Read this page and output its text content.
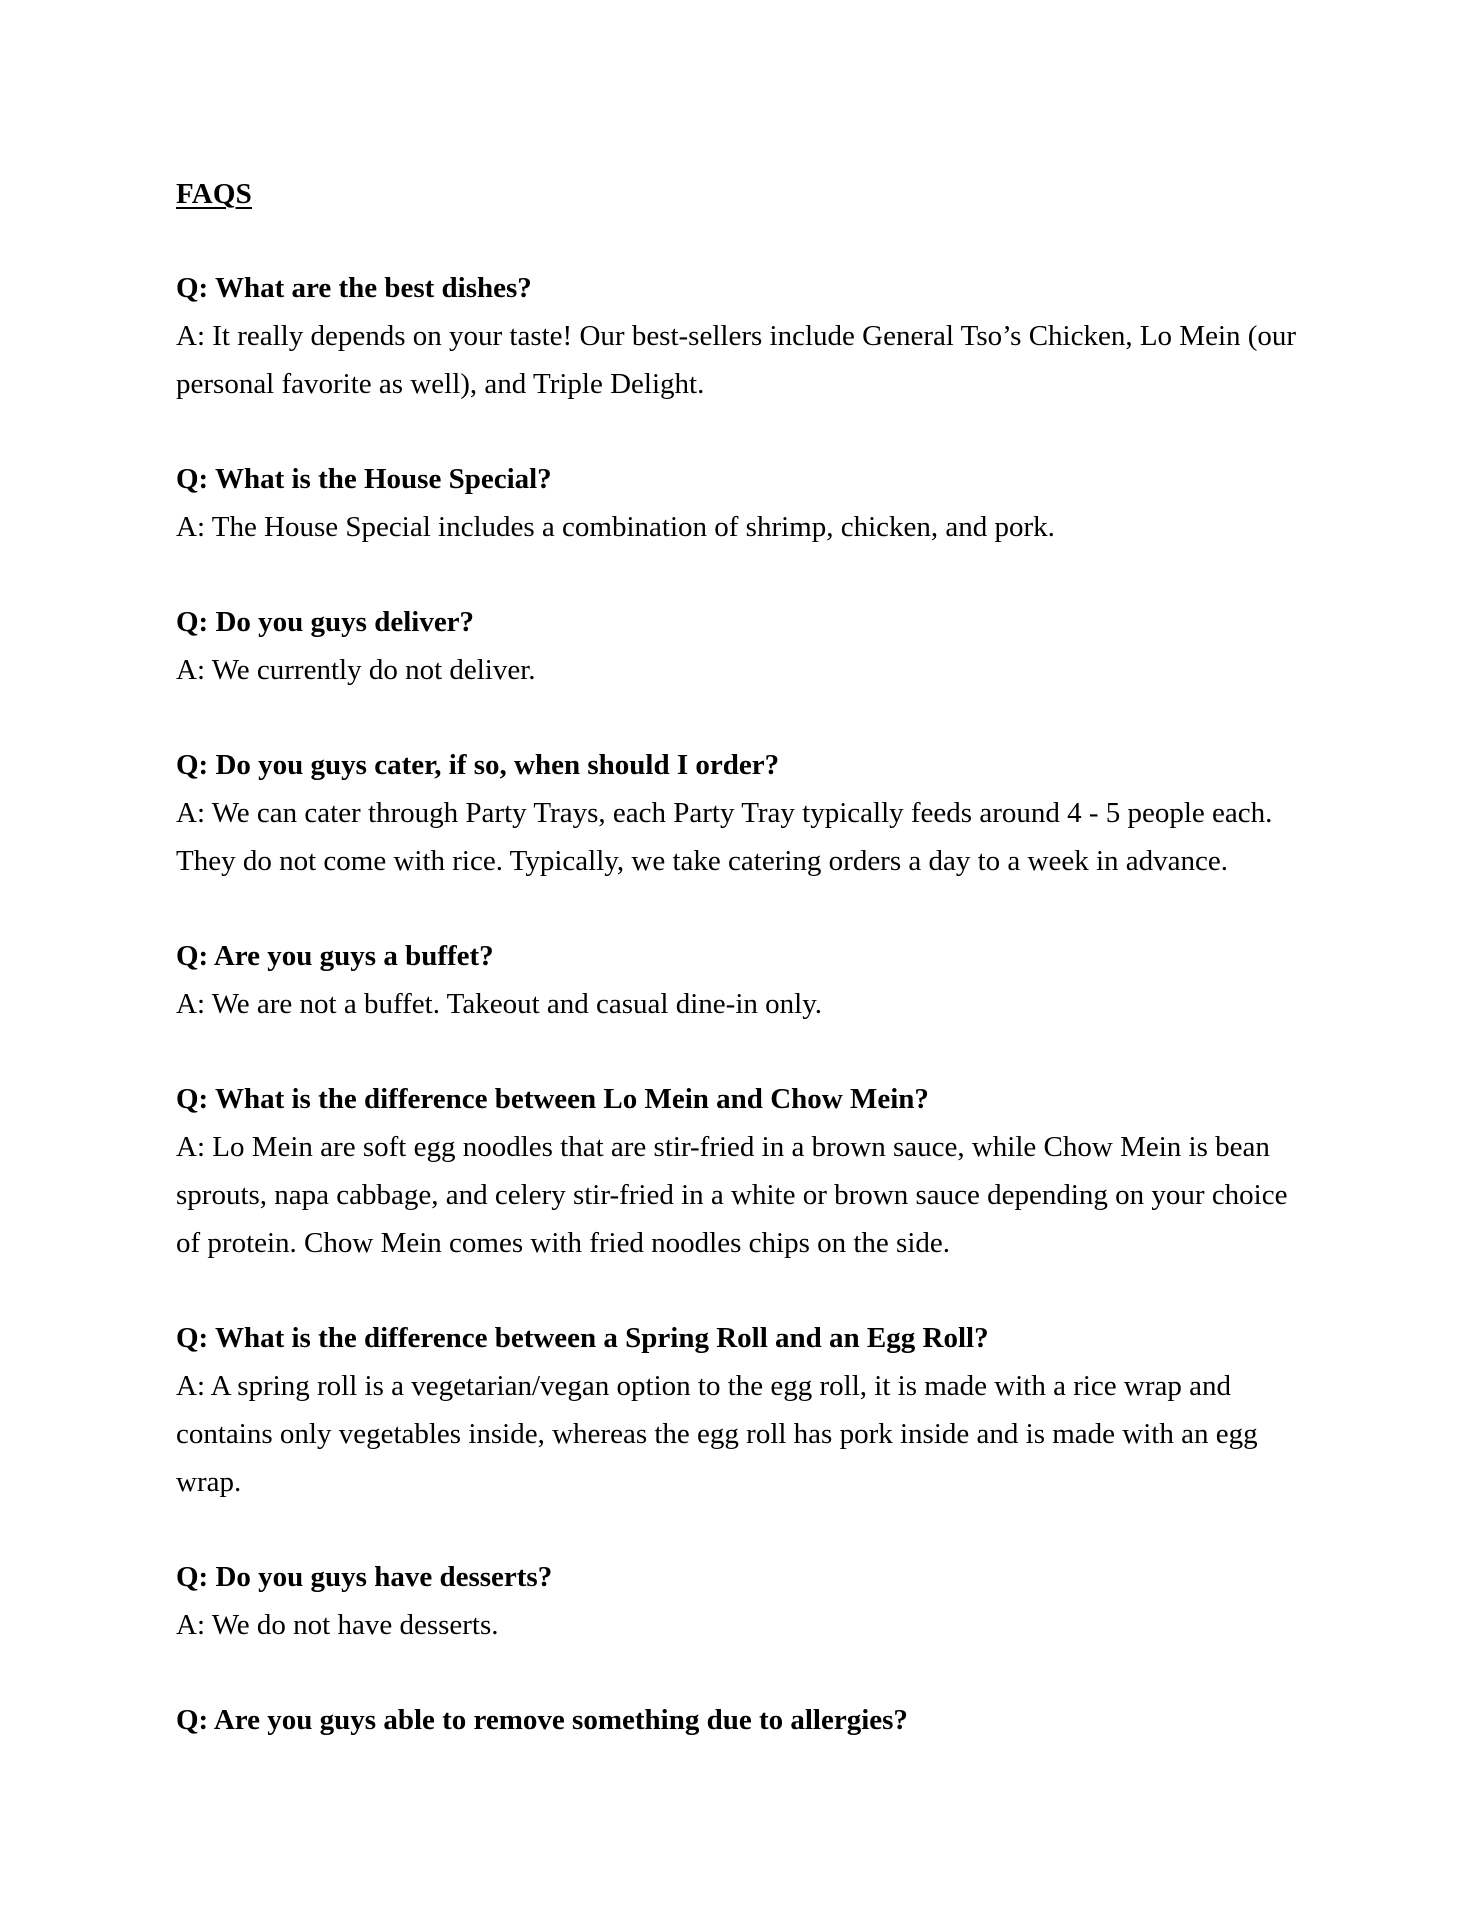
FAQS

Q: What are the best dishes?

A: It really depends on your taste! Our best-sellers include General Tso’s Chicken, Lo Mein (our personal favorite as well), and Triple Delight.

Q: What is the House Special?

A: The House Special includes a combination of shrimp, chicken, and pork.

Q: Do you guys deliver?

A: We currently do not deliver.

Q: Do you guys cater, if so, when should I order?

A: We can cater through Party Trays, each Party Tray typically feeds around 4 - 5 people each. They do not come with rice. Typically, we take catering orders a day to a week in advance.

Q: Are you guys a buffet?

A: We are not a buffet. Takeout and casual dine-in only.

Q: What is the difference between Lo Mein and Chow Mein?

A: Lo Mein are soft egg noodles that are stir-fried in a brown sauce, while Chow Mein is bean sprouts, napa cabbage, and celery stir-fried in a white or brown sauce depending on your choice of protein. Chow Mein comes with fried noodles chips on the side.

Q: What is the difference between a Spring Roll and an Egg Roll?

A: A spring roll is a vegetarian/vegan option to the egg roll, it is made with a rice wrap and contains only vegetables inside, whereas the egg roll has pork inside and is made with an egg wrap.

Q: Do you guys have desserts?

A: We do not have desserts.

Q: Are you guys able to remove something due to allergies?
